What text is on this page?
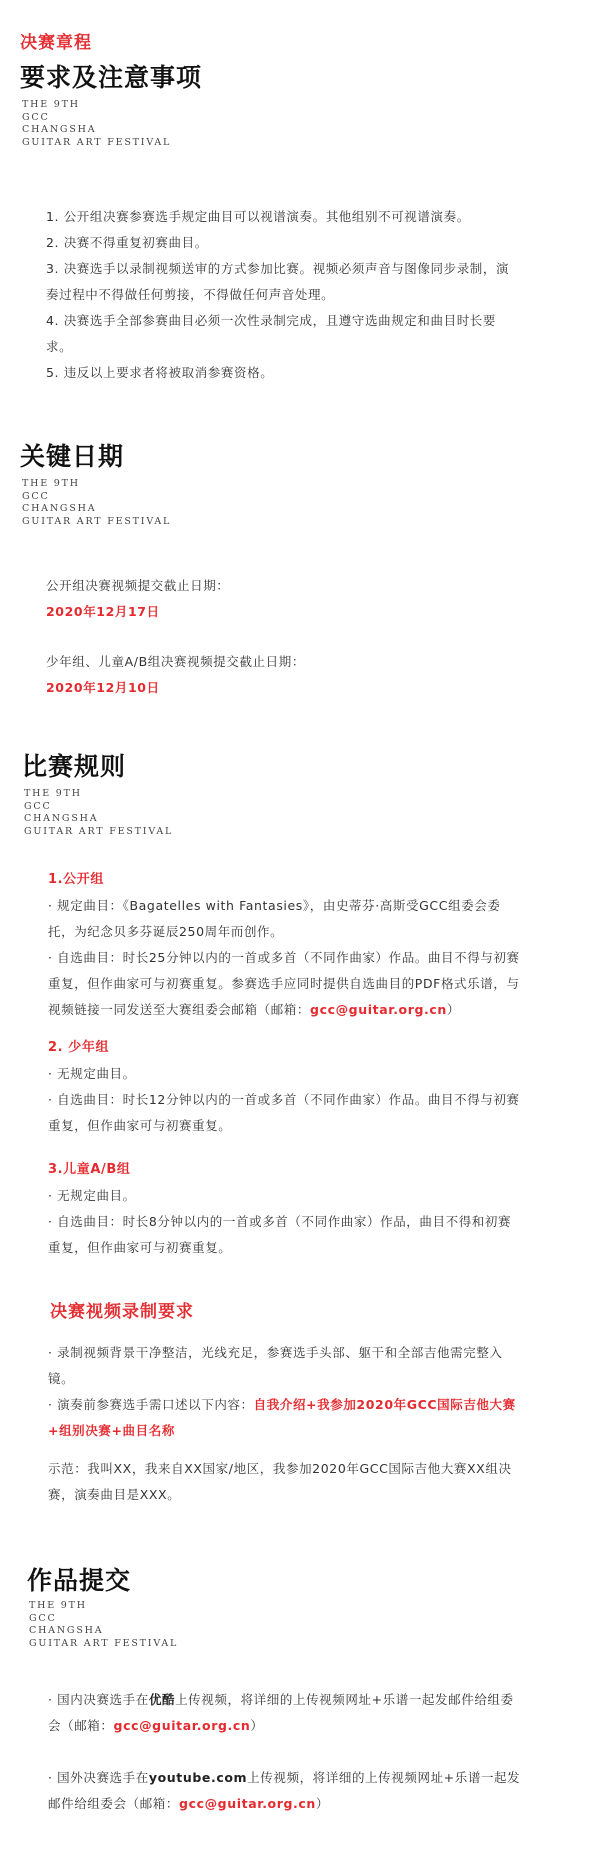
决赛章程
要求及注意事项
THE 9TH
GCC
CHANGSHA
GUITAR ART FESTIVAL
1. 公开组决赛参赛选手规定曲目可以视谱演奏。其他组别不可视谱演奏。
2. 决赛不得重复初赛曲目。
3. 决赛选手以录制视频送审的方式参加比赛。视频必须声音与图像同步录制，演
奏过程中不得做任何剪接，不得做任何声音处理。
4. 决赛选手全部参赛曲目必须一次性录制完成，且遵守选曲规定和曲目时长要
求。
5. 违反以上要求者将被取消参赛资格。
关键日期
THE 9TH
GCC
CHANGSHA
GUITAR ART FESTIVAL
公开组决赛视频提交截止日期：
2020年12月17日
少年组、儿童A/B组决赛视频提交截止日期：
2020年12月10日
比赛规则
THE 9TH
GCC
CHANGSHA
GUITAR ART FESTIVAL
1.公开组
· 规定曲目：《Bagatelles with Fantasies》，由史蒂芬·高斯受GCC组委会委
托，为纪念贝多芬诞辰250周年而创作。
· 自选曲目：时长25分钟以内的一首或多首（不同作曲家）作品。曲目不得与初赛
重复，但作曲家可与初赛重复。参赛选手应同时提供自选曲目的PDF格式乐谱，与
视频链接一同发送至大赛组委会邮箱（邮箱：gcc@guitar.org.cn）
2. 少年组
· 无规定曲目。
· 自选曲目：时长12分钟以内的一首或多首（不同作曲家）作品。曲目不得与初赛
重复，但作曲家可与初赛重复。
3.儿童A/B组
· 无规定曲目。
· 自选曲目：时长8分钟以内的一首或多首（不同作曲家）作品，曲目不得和初赛
重复，但作曲家可与初赛重复。
决赛视频录制要求
· 录制视频背景干净整洁，光线充足，参赛选手头部、躯干和全部吉他需完整入
镜。
· 演奏前参赛选手需口述以下内容：自我介绍+我参加2020年GCC国际吉他大赛
+组别决赛+曲目名称
示范：我叫XX，我来自XX国家/地区，我参加2020年GCC国际吉他大赛XX组决
赛，演奏曲目是XXX。
作品提交
THE 9TH
GCC
CHANGSHA
GUITAR ART FESTIVAL
· 国内决赛选手在优酷上传视频，将详细的上传视频网址+乐谱一起发邮件给组委
会（邮箱：gcc@guitar.org.cn）
· 国外决赛选手在youtube.com上传视频，将详细的上传视频网址+乐谱一起发
邮件给组委会（邮箱：gcc@guitar.org.cn）
